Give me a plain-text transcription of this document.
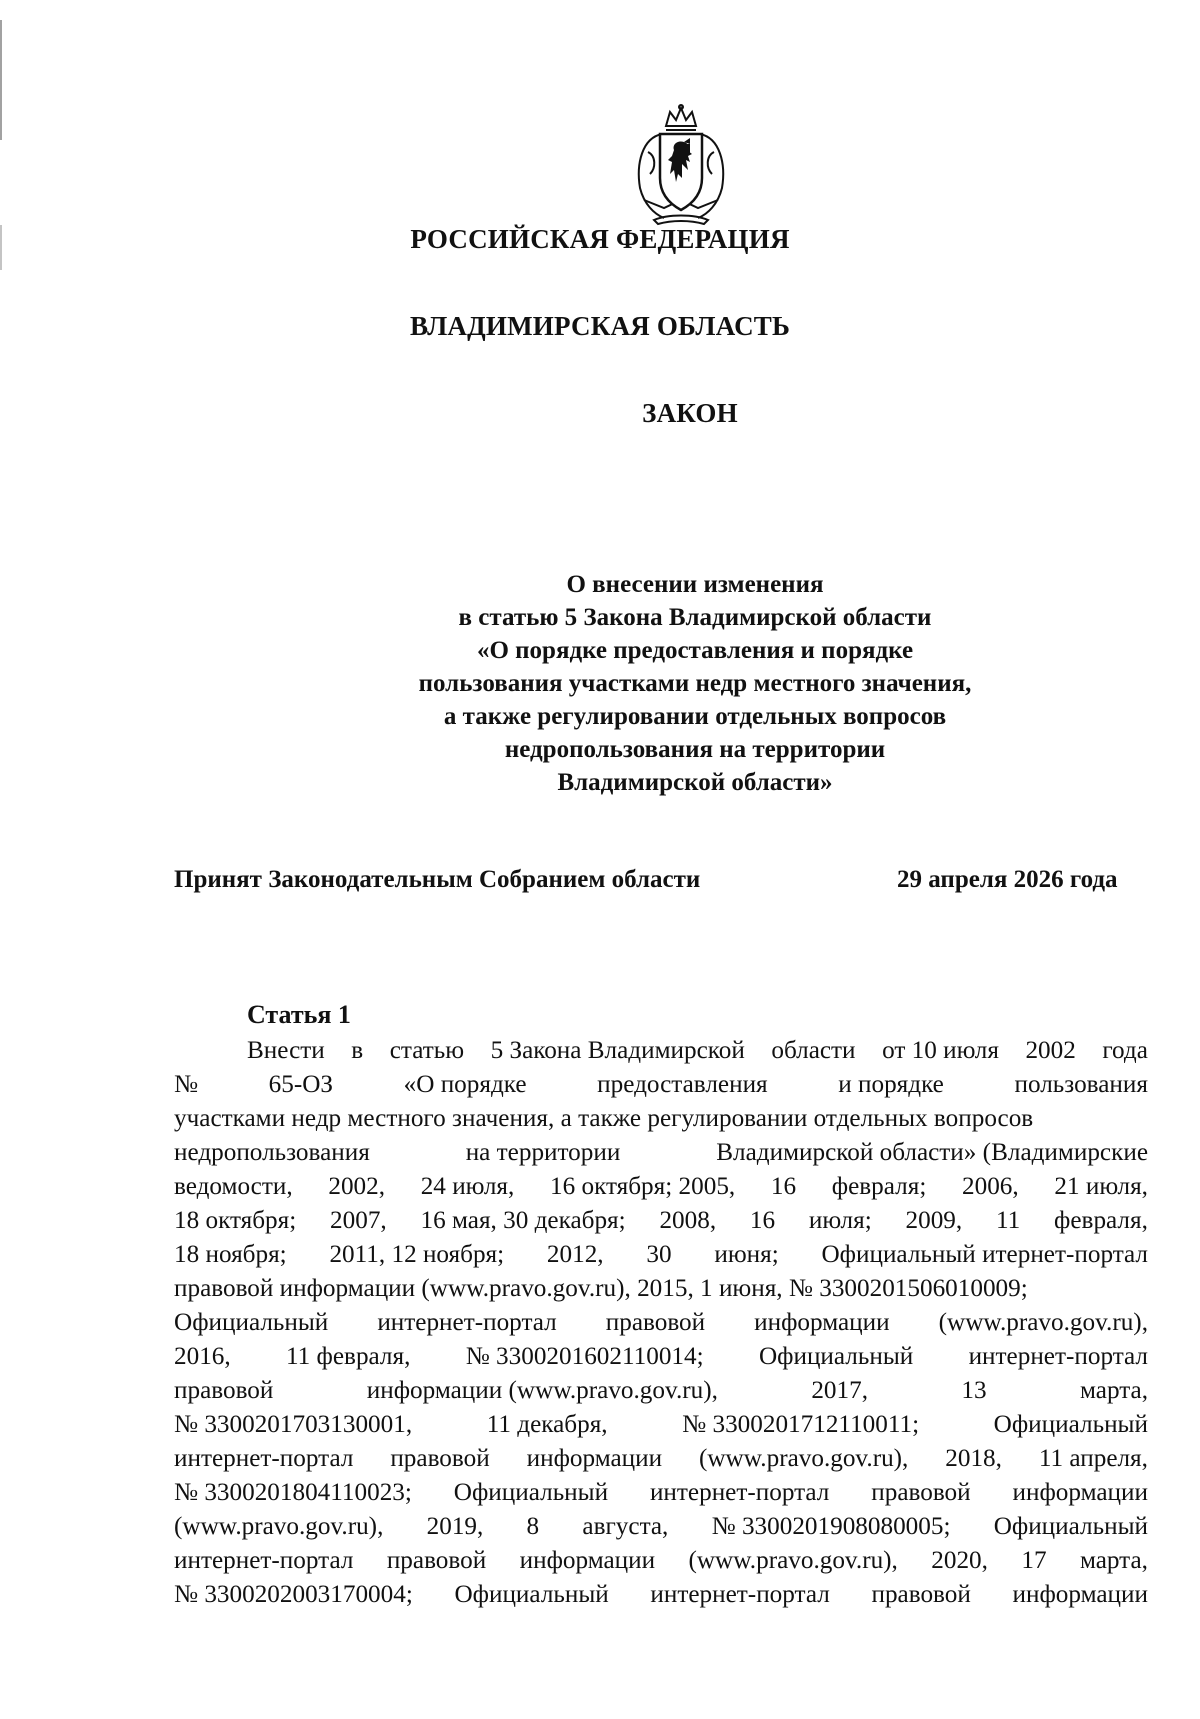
РОССИЙСКАЯ ФЕДЕРАЦИЯ
ВЛАДИМИРСКАЯ ОБЛАСТЬ
ЗАКОН
О внесении изменения
в статью 5 Закона Владимирской области
«О порядке предоставления и порядке
пользования участками недр местного значения,
а также регулировании отдельных вопросов
недропользования на территории
Владимирской области»
Принят Законодательным Собранием области	29 апреля 2026 года
Статья 1
Внести в статью 5 Закона Владимирской области от 10 июля 2002 года
№	65-ОЗ	«О порядке	предоставления	и порядке	пользования
участками недр местного значения, а также регулировании отдельных вопросов
недропользования	на территории	Владимирской области» (Владимирские
ведомости, 2002, 24 июля, 16 октября; 2005, 16 февраля; 2006, 21 июля,
18 октября; 2007, 16 мая, 30 декабря; 2008, 16 июля; 2009, 11 февраля,
18 ноября; 2011, 12 ноября; 2012, 30 июня; Официальный итернет-портал
правовой информации (www.pravo.gov.ru), 2015, 1 июня, № 3300201506010009;
Официальный интернет-портал правовой информации (www.pravo.gov.ru),
2016, 11 февраля, № 3300201602110014; Официальный интернет-портал
правовой	информации (www.pravo.gov.ru),	2017,	13	марта,
№ 3300201703130001,	11 декабря,	№ 3300201712110011;	Официальный
интернет-портал правовой информации (www.pravo.gov.ru), 2018, 11 апреля,
№ 3300201804110023; Официальный интернет-портал правовой информации
(www.pravo.gov.ru), 2019, 8 августа, № 3300201908080005; Официальный
интернет-портал правовой информации (www.pravo.gov.ru), 2020, 17 марта,
№ 3300202003170004; Официальный интернет-портал правовой информации
